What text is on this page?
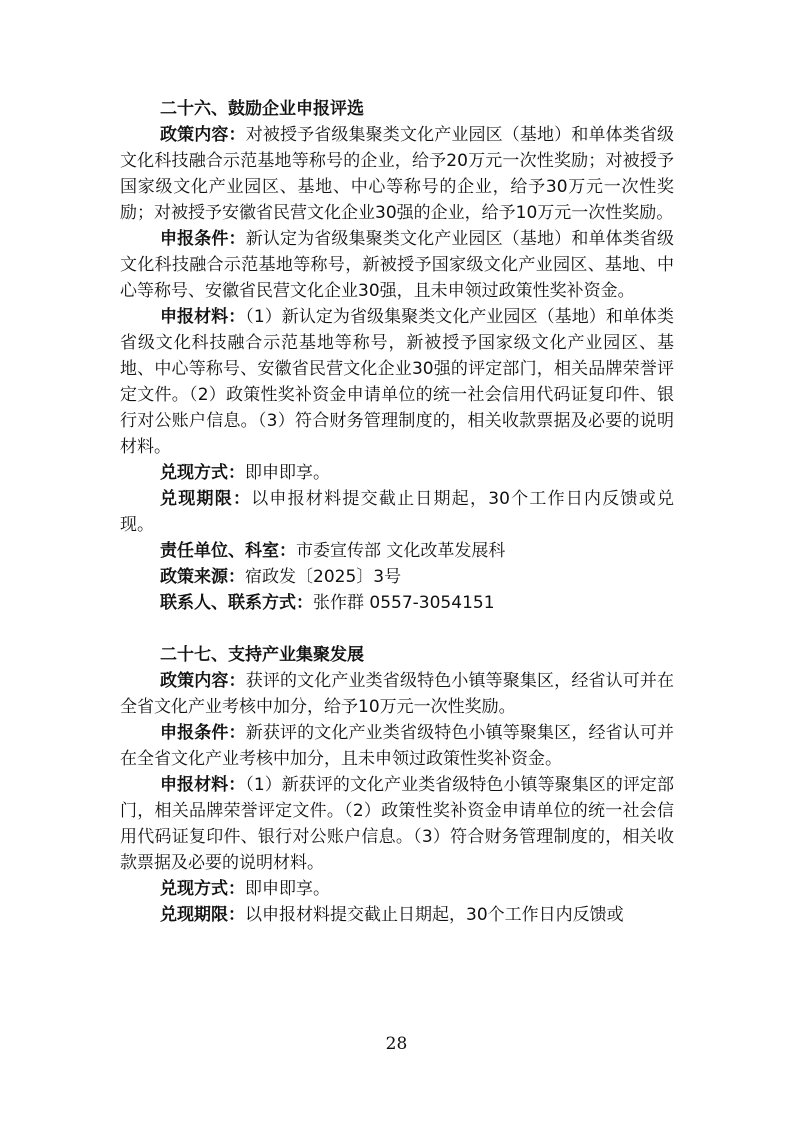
二十六、鼓励企业申报评选

政策内容：对被授予省级集聚类文化产业园区（基地）和单体类省级文化科技融合示范基地等称号的企业，给予20万元一次性奖励；对被授予国家级文化产业园区、基地、中心等称号的企业，给予30万元一次性奖励；对被授予安徽省民营文化企业30强的企业，给予10万元一次性奖励。

申报条件：新认定为省级集聚类文化产业园区（基地）和单体类省级文化科技融合示范基地等称号，新被授予国家级文化产业园区、基地、中心等称号、安徽省民营文化企业30强，且未申领过政策性奖补资金。

申报材料：（1）新认定为省级集聚类文化产业园区（基地）和单体类省级文化科技融合示范基地等称号，新被授予国家级文化产业园区、基地、中心等称号、安徽省民营文化企业30强的评定部门，相关品牌荣誉评定文件。（2）政策性奖补资金申请单位的统一社会信用代码证复印件、银行对公账户信息。（3）符合财务管理制度的，相关收款票据及必要的说明材料。

兑现方式：即申即享。

兑现期限：以申报材料提交截止日期起，30个工作日内反馈或兑现。

责任单位、科室：市委宣传部 文化改革发展科

政策来源：宿政发〔2025〕3号

联系人、联系方式：张作群 0557-3054151

二十七、支持产业集聚发展

政策内容：获评的文化产业类省级特色小镇等聚集区，经省认可并在全省文化产业考核中加分，给予10万元一次性奖励。

申报条件：新获评的文化产业类省级特色小镇等聚集区，经省认可并在全省文化产业考核中加分，且未申领过政策性奖补资金。

申报材料：（1）新获评的文化产业类省级特色小镇等聚集区的评定部门，相关品牌荣誉评定文件。（2）政策性奖补资金申请单位的统一社会信用代码证复印件、银行对公账户信息。（3）符合财务管理制度的，相关收款票据及必要的说明材料。

兑现方式：即申即享。

兑现期限：以申报材料提交截止日期起，30个工作日内反馈或

28
